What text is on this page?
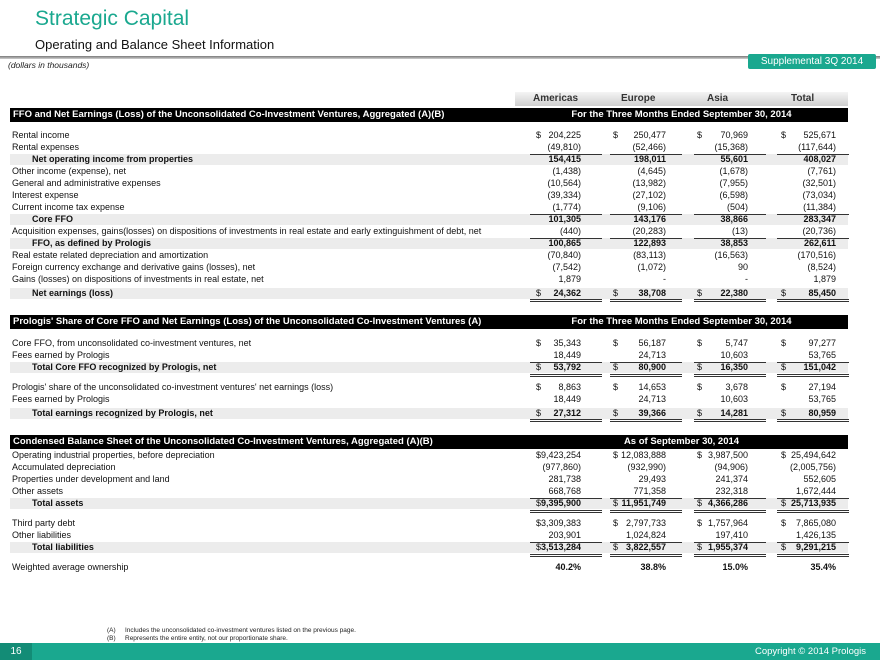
Strategic Capital
Operating and Balance Sheet Information
(dollars in thousands)	Supplemental 3Q 2014
Americas	Europe	Asia	Total
FFO and Net Earnings (Loss) of the Unconsolidated Co-Investment Ventures, Aggregated (A)(B)	For the Three Months Ended September 30, 2014
Rental income	$ 204,225	$	250,477	$	70,969	$	525,671
Rental expenses	(49,810)	(52,466)	(15,368)	(117,644)
Net operating income from properties	154,415	198,011	55,601	408,027
Other income (expense), net	(1,438)	(4,645)	(1,678)	(7,761)
General and administrative expenses	(10,564)	(13,982)	(7,955)	(32,501)
Interest expense	(39,334)	(27,102)	(6,598)	(73,034)
Current income tax expense	(1,774)	(9,106)	(504)	(11,384)
Core FFO	101,305	143,176	38,866	283,347
Acquisition expenses, gains(losses) on dispositions of investments in real estate and early extinguishment of debt, net	(440)	(20,283)	(13)	(20,736)
FFO, as defined by Prologis	100,865	122,893	38,853	262,611
Real estate related depreciation and amortization	(70,840)	(83,113)	(16,563)	(170,516)
Foreign currency exchange and derivative gains (losses), net	(7,542)	(1,072)	90	(8,524)
Gains (losses) on dispositions of investments in real estate, net	1,879	-	-	1,879
Net earnings (loss)	$	24,362	$	38,708	$	22,380	$	85,450
Prologis' Share of Core FFO and Net Earnings (Loss) of the Unconsolidated Co-Investment Ventures (A)	For the Three Months Ended September 30, 2014
Core FFO, from unconsolidated co-investment ventures, net	$	35,343	$	56,187	$	5,747	$	97,277
Fees earned by Prologis	18,449	24,713	10,603	53,765
Total Core FFO recognized by Prologis, net	$	53,792	$	80,900	$	16,350	$	151,042
Prologis' share of the unconsolidated co-investment ventures' net earnings (loss)	$	8,863	$	14,653	$	3,678	$	27,194
Fees earned by Prologis	18,449	24,713	10,603	53,765
Total earnings recognized by Prologis, net	$	27,312	$	39,366	$	14,281	$	80,959
Condensed Balance Sheet of the Unconsolidated Co-Investment Ventures, Aggregated (A)(B)	As of September 30, 2014
Operating industrial properties, before depreciation	$ 9,423,254	$ 12,083,888	$ 3,987,500	$ 25,494,642
Accumulated depreciation	(977,860)	(932,990)	(94,906)	(2,005,756)
Properties under development and land	281,738	29,493	241,374	552,605
Other assets	668,768	771,358	232,318	1,672,444
Total assets	$ 9,395,900	$ 11,951,749	$ 4,366,286	$ 25,713,935
Third party debt	$ 3,309,383	$ 2,797,733	$ 1,757,964	$	7,865,080
Other liabilities	203,901	1,024,824	197,410	1,426,135
Total liabilities	$ 3,513,284	$ 3,822,557	$ 1,955,374	$	9,291,215
Weighted average ownership	40.2%	38.8%	15.0%	35.4%
(A) Includes the unconsolidated co-investment ventures listed on the previous page.
(B) Represents the entire entity, not our proportionate share.
16	Copyright © 2014 Prologis
